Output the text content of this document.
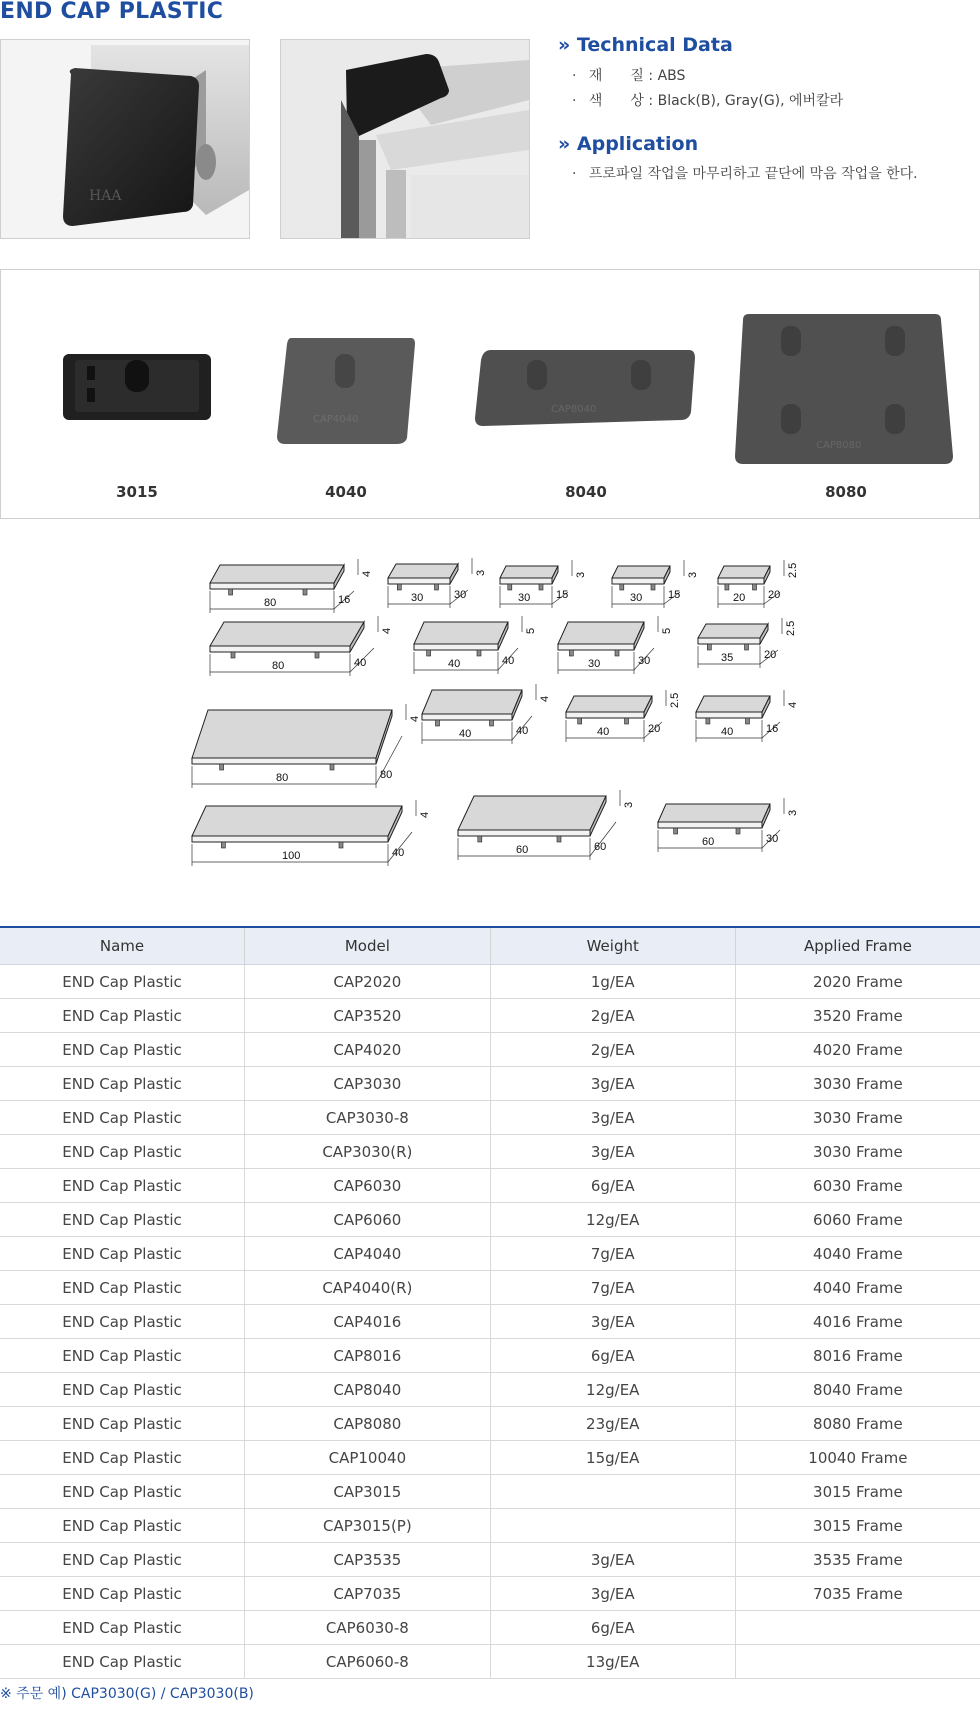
END CAP PLASTIC
HAA
» Technical Data
· 재　　질 : ABS
· 색　　상 : Black(B), Gray(G), 에버칼라
» Application
· 프로파일 작업을 마무리하고 끝단에 막음 작업을 한다.
CAP4040
CAP8040
CAP8080
3015	4040	8040	8080
80	16
4
30	30
3
30 15
3
30 15
3
20 20
2.5
80	40
4
40	40
5
30	30
5
35	20
2.5
80	80
4
40	40
4
40	20
2.5
40	16
4
100	40
4
60	60
3
60	30
3
Name	Model	Weight	Applied Frame
END Cap Plastic	CAP2020	1g/EA	2020 Frame
END Cap Plastic	CAP3520	2g/EA	3520 Frame
END Cap Plastic	CAP4020	2g/EA	4020 Frame
END Cap Plastic	CAP3030	3g/EA	3030 Frame
END Cap Plastic	CAP3030-8	3g/EA	3030 Frame
END Cap Plastic	CAP3030(R)	3g/EA	3030 Frame
END Cap Plastic	CAP6030	6g/EA	6030 Frame
END Cap Plastic	CAP6060	12g/EA	6060 Frame
END Cap Plastic	CAP4040	7g/EA	4040 Frame
END Cap Plastic	CAP4040(R)	7g/EA	4040 Frame
END Cap Plastic	CAP4016	3g/EA	4016 Frame
END Cap Plastic	CAP8016	6g/EA	8016 Frame
END Cap Plastic	CAP8040	12g/EA	8040 Frame
END Cap Plastic	CAP8080	23g/EA	8080 Frame
END Cap Plastic	CAP10040	15g/EA	10040 Frame
END Cap Plastic	CAP3015		3015 Frame
END Cap Plastic	CAP3015(P)		3015 Frame
END Cap Plastic	CAP3535	3g/EA	3535 Frame
END Cap Plastic	CAP7035	3g/EA	7035 Frame
END Cap Plastic	CAP6030-8	6g/EA	
END Cap Plastic	CAP6060-8	13g/EA	
※ 주문 예) CAP3030(G) / CAP3030(B)
